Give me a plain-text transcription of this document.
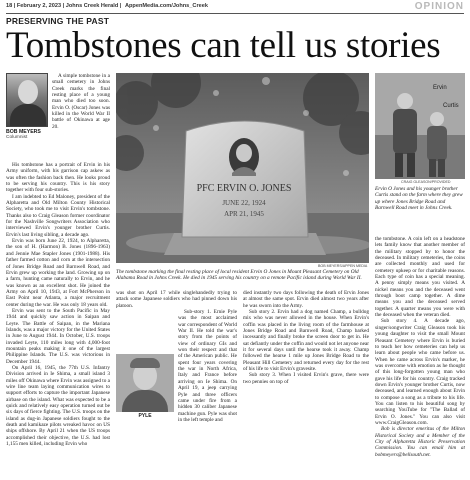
18 | February 2, 2023 | Johns Creek Herald | AppenMedia.com/Johns_Creek	OPINION
PRESERVING THE PAST
Tombstones can tell us stories
BOB MEYERS
Columnist

A simple tombstone in a small cemetery in Johns Creek marks the final resting place of a young man who died too soon. Ervin O. (Oscar) Jones was killed in the World War II battle of Okinawa at age 20.

His tombstone has a portrait of Ervin in his Army uniform, with his garrison cap askew as was often the fashion back then. He looks proud to be serving his country. This is his story together with four sub-stories.

I am indebted to Ed Maloney, president of the Alpharetta and Old Milton County Historical Society, who took me to visit Ervin's tombstone. Thanks also to Craig Gleason former coordinator for the Nashville Songwriters Association who interviewed Ervin's younger brother Curtis. Ervin's last living sibling, a decade ago.

Ervin was born June 22, 1924, to Alpharetta, the son of H. (Harmon) B. Jones (1896-1963) and Jennie Mae Stapler Jones (1901-1988). His father farmed cotton and corn at the intersection of Jones Bridge Road and Barnwell Road, and Ervin grew up working the land. Growing up on a farm, hunting came naturally to Ervin, and he was known as an excellent shot. He joined the Army on April 10, 1943, at Fort McPherson in East Point near Atlanta, a major recruitment center during the war. He was only 18 years old.

Ervin was sent to the South Pacific in May 1944 and quickly saw action in Saipan and Leyte. The Battle of Saipan, in the Mariana Islands, was a major victory for the United States in June to August 1944. In October, U.S. troops invaded Leyte, 110 miles long with 4,000-foot mountain peaks making it one of the largest Philippine Islands. The U.S. was victorious in December 1944.

On April 16, 1945, the 77th U.S. Infantry Division arrived in Ie Shima, a small island 3 miles off Okinawa where Ervin was assigned to a wire line team laying communication wires to support efforts to capture the important Japanese airbase on the island. What was expected to be a quick and relatively easy operation turned out be six days of fierce fighting. The U.S. troops on the island as dug-in Japanese soldiers fought to the death and kamikaze pilots wreaked havoc on US ships offshore. By April 21 when the US troops accomplished their objective, the U.S. had lost 1,155 men killed, including Ervin who

PFC ERVIN O. JONES
JUNE 22, 1924
APR 21, 1945
BOB MEYERS/APPEN MEDIA
The tombstone marking the final resting place of local resident Ervin O Jones in Mount Pleasant Cemetery on Old Alabama Road in Johns Creek. He died in 1945 serving his country on a remote Pacific island during World War II.
Ervin
Curtis
CRAIG GLEASON/PROVIDED
Ervin O Jones and his younger brother Curtis stand on the farm where they grew up where Jones Bridge Road and Barnwell Road meet in Johns Creek.

was shot on April 17 while singlehandedly trying to attack some Japanese soldiers who had pinned down his platoon.

Sub-story 1. Ernie Pyle was the most acclaimed war correspondent of World War II. He told the war's story from the points of view of ordinary GIs and won their respect and that of the American public. He spent four years covering the war in North Africa, Italy and France before arriving on Ie Shima. On April 19, a jeep carrying Pyle and three officers came under fire from a hidden 30 caliber Japanese machine gun. Pyle was shot in the left temple and

PYLE

died instantly two days following the death of Ervin Jones at almost the same spot. Ervin died almost two years after he was sworn into the Army.

Sub story 2. Ervin had a dog named Champ, a bulldog mix who was never allowed in the house. When Ervin's coffin was placed in the living room of the farmhouse at Jones Bridge Road and Barnwell Road, Champ barked incessantly and finally broke the screen door to get in. He sat defiantly under the coffin and would not let anyone near it for several days until the hearse took it away. Champ followed the hearse 1 mile up Jones Bridge Road to the Pleasant Hill Cemetery and returned every day for the rest of his life to visit Ervin's gravesite.

Sub story 3. When I visited Ervin's grave, there were two pennies on top of

the tombstone. A coin left on a headstone lets family know that another member of the military stopped by to honor the deceased. In military cemeteries, the coins are collected monthly and used for cemetery upkeep or for charitable reasons. Each type of coin has a special meaning. A penny simply means you visited. A nickel means you and the deceased went through boot camp together. A dime means you and the deceased served together. A quarter means you were with the deceased when the veteran died.

Sub story 4. A decade ago, singer/songwriter Craig Gleason took his young daughter to visit the small Mount Pleasant Cemetery where Ervin is buried to teach her how cemeteries can help us learn about people who came before us. When he came across Ervin's marker, he was overcome with emotion as he thought of this long-forgotten young man who gave his life for his country. Craig tracked down Ervin's younger brother Curtis, now deceased, and learned enough about Ervin to compose a song as a tribute to his life. You can listen to his beautiful song by searching YouTube for "The Ballad of Ervin O. Jones." You can also visit www.CraigGleason.com.

Bob is director emeritus of the Milton Historical Society and a Member of the City of Alpharetta Historic Preservation Commission. You can email him at bobmeyers@bellsouth.net.
